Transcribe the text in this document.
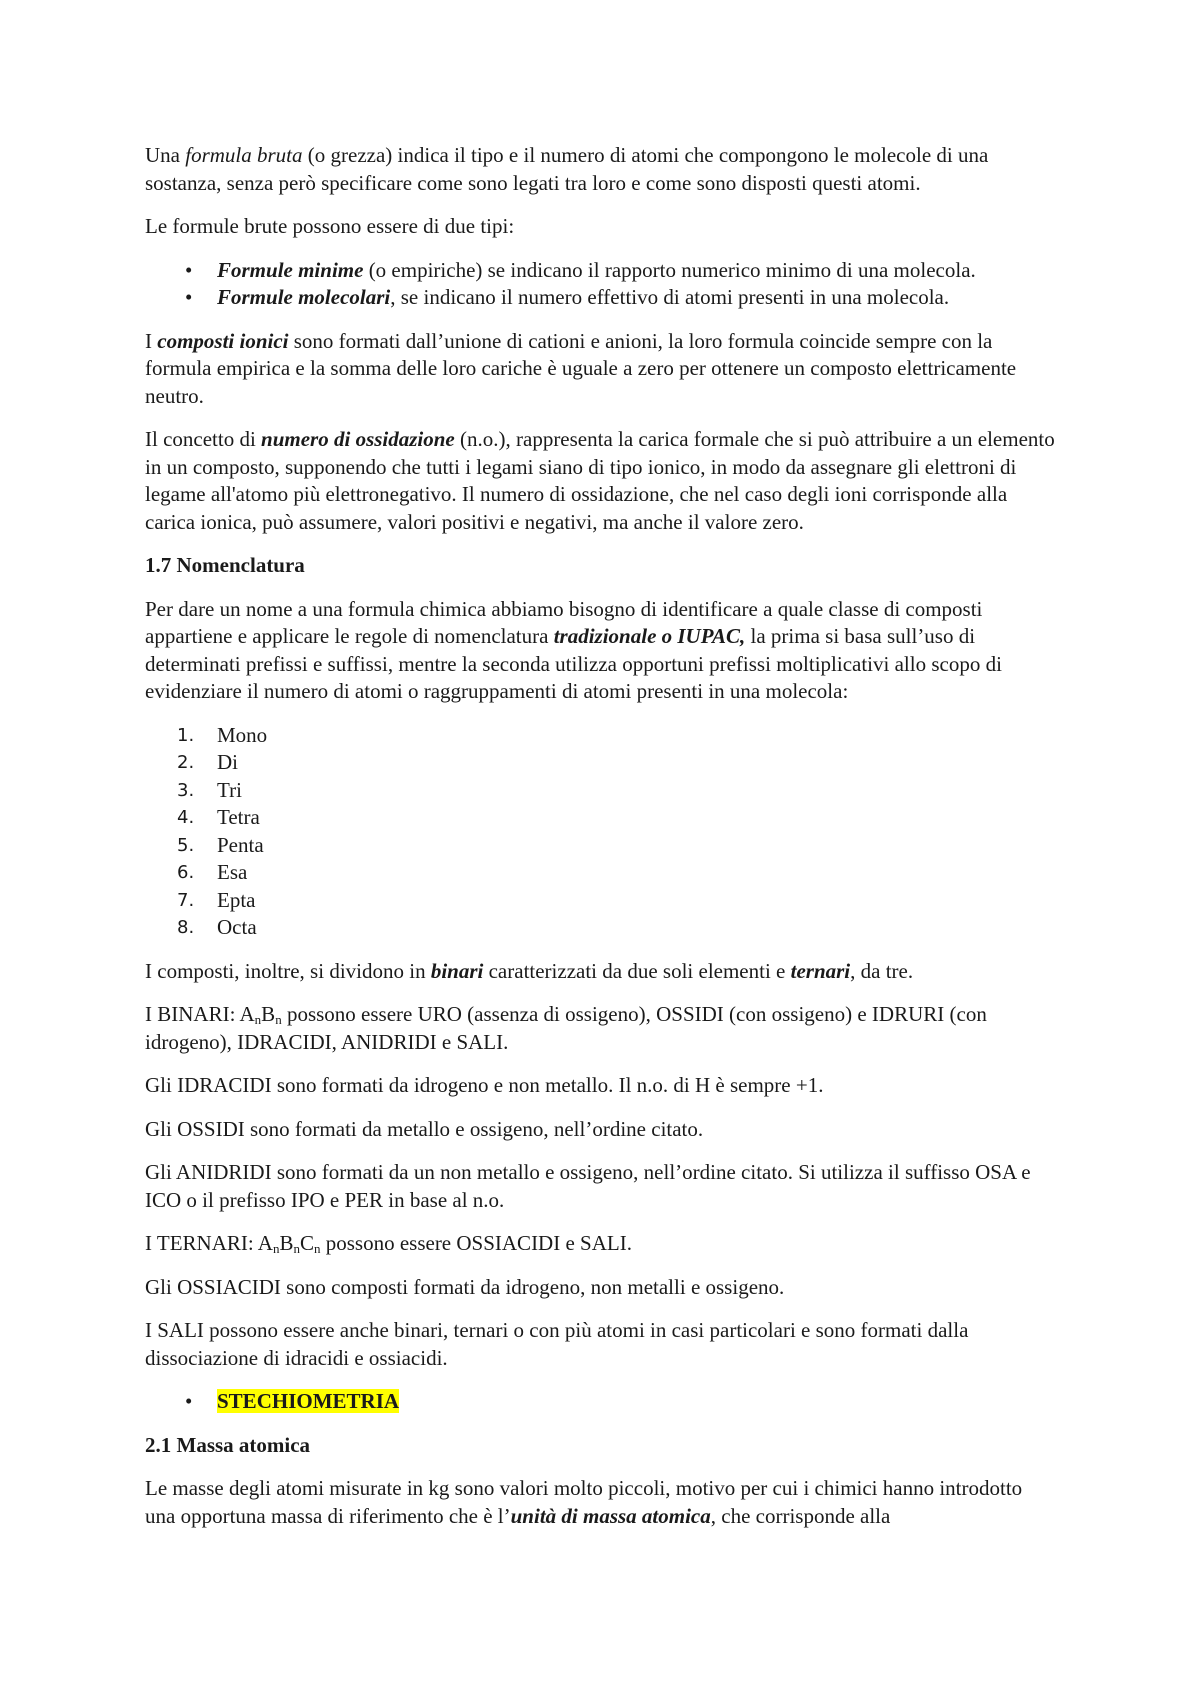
Una formula bruta (o grezza) indica il tipo e il numero di atomi che compongono le molecole di una sostanza, senza però specificare come sono legati tra loro e come sono disposti questi atomi.

Le formule brute possono essere di due tipi:

• Formule minime (o empiriche) se indicano il rapporto numerico minimo di una molecola.
• Formule molecolari, se indicano il numero effettivo di atomi presenti in una molecola.

I composti ionici sono formati dall’unione di cationi e anioni, la loro formula coincide sempre con la formula empirica e la somma delle loro cariche è uguale a zero per ottenere un composto elettricamente neutro.

Il concetto di numero di ossidazione (n.o.), rappresenta la carica formale che si può attribuire a un elemento in un composto, supponendo che tutti i legami siano di tipo ionico, in modo da assegnare gli elettroni di legame all'atomo più elettronegativo. Il numero di ossidazione, che nel caso degli ioni corrisponde alla carica ionica, può assumere, valori positivi e negativi, ma anche il valore zero.

1.7 Nomenclatura

Per dare un nome a una formula chimica abbiamo bisogno di identificare a quale classe di composti appartiene e applicare le regole di nomenclatura tradizionale o IUPAC, la prima si basa sull’uso di determinati prefissi e suffissi, mentre la seconda utilizza opportuni prefissi moltiplicativi allo scopo di evidenziare il numero di atomi o raggruppamenti di atomi presenti in una molecola:

1. Mono
2. Di
3. Tri
4. Tetra
5. Penta
6. Esa
7. Epta
8. Octa

I composti, inoltre, si dividono in binari caratterizzati da due soli elementi e ternari, da tre.

I BINARI: $A_nB_n$ possono essere URO (assenza di ossigeno), OSSIDI (con ossigeno) e IDRURI (con idrogeno), IDRACIDI, ANIDRIDI e SALI.

Gli IDRACIDI sono formati da idrogeno e non metallo. Il n.o. di H è sempre +1.

Gli OSSIDI sono formati da metallo e ossigeno, nell’ordine citato.

Gli ANIDRIDI sono formati da un non metallo e ossigeno, nell’ordine citato. Si utilizza il suffisso OSA e ICO o il prefisso IPO e PER in base al n.o.

I TERNARI: $A_nB_nC_n$ possono essere OSSIACIDI e SALI.

Gli OSSIACIDI sono composti formati da idrogeno, non metalli e ossigeno.

I SALI possono essere anche binari, ternari o con più atomi in casi particolari e sono formati dalla dissociazione di idracidi e ossiacidi.

• STECHIOMETRIA
2.1 Massa atomica

Le masse degli atomi misurate in kg sono valori molto piccoli, motivo per cui i chimici hanno introdotto una opportuna massa di riferimento che è l’unità di massa atomica, che corrisponde alla
